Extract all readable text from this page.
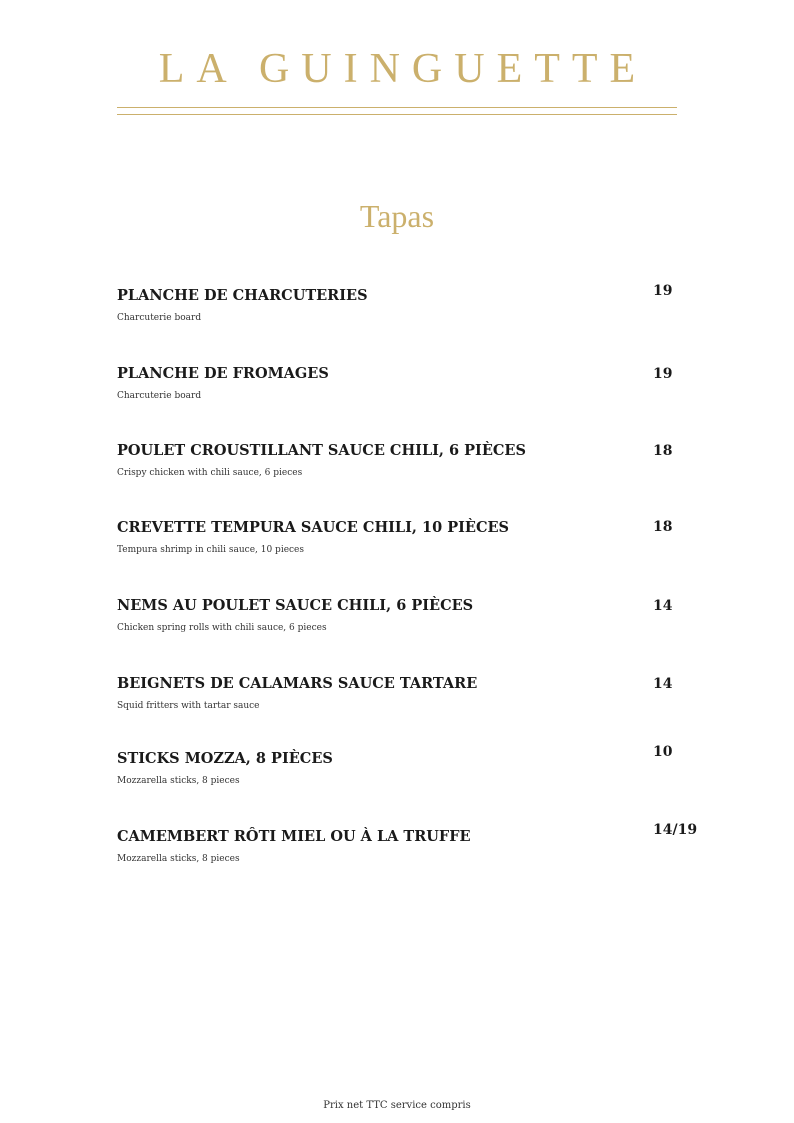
LA GUINGUETTE
Tapas
PLANCHE DE CHARCUTERIES
Charcuterie board
19
PLANCHE DE FROMAGES
Charcuterie board
19
POULET CROUSTILLANT SAUCE CHILI, 6 PIÈCES
Crispy chicken with chili sauce, 6 pieces
18
CREVETTE TEMPURA SAUCE CHILI, 10 PIÈCES
Tempura shrimp in chili sauce, 10 pieces
18
NEMS AU POULET SAUCE CHILI, 6 PIÈCES
Chicken spring rolls with chili sauce, 6 pieces
14
BEIGNETS DE CALAMARS SAUCE TARTARE
Squid fritters with tartar sauce
14
STICKS MOZZA, 8 PIÈCES
Mozzarella sticks, 8 pieces
10
CAMEMBERT RÔTI MIEL OU À LA TRUFFE
Mozzarella sticks, 8 pieces
14/19
Prix net TTC service compris
